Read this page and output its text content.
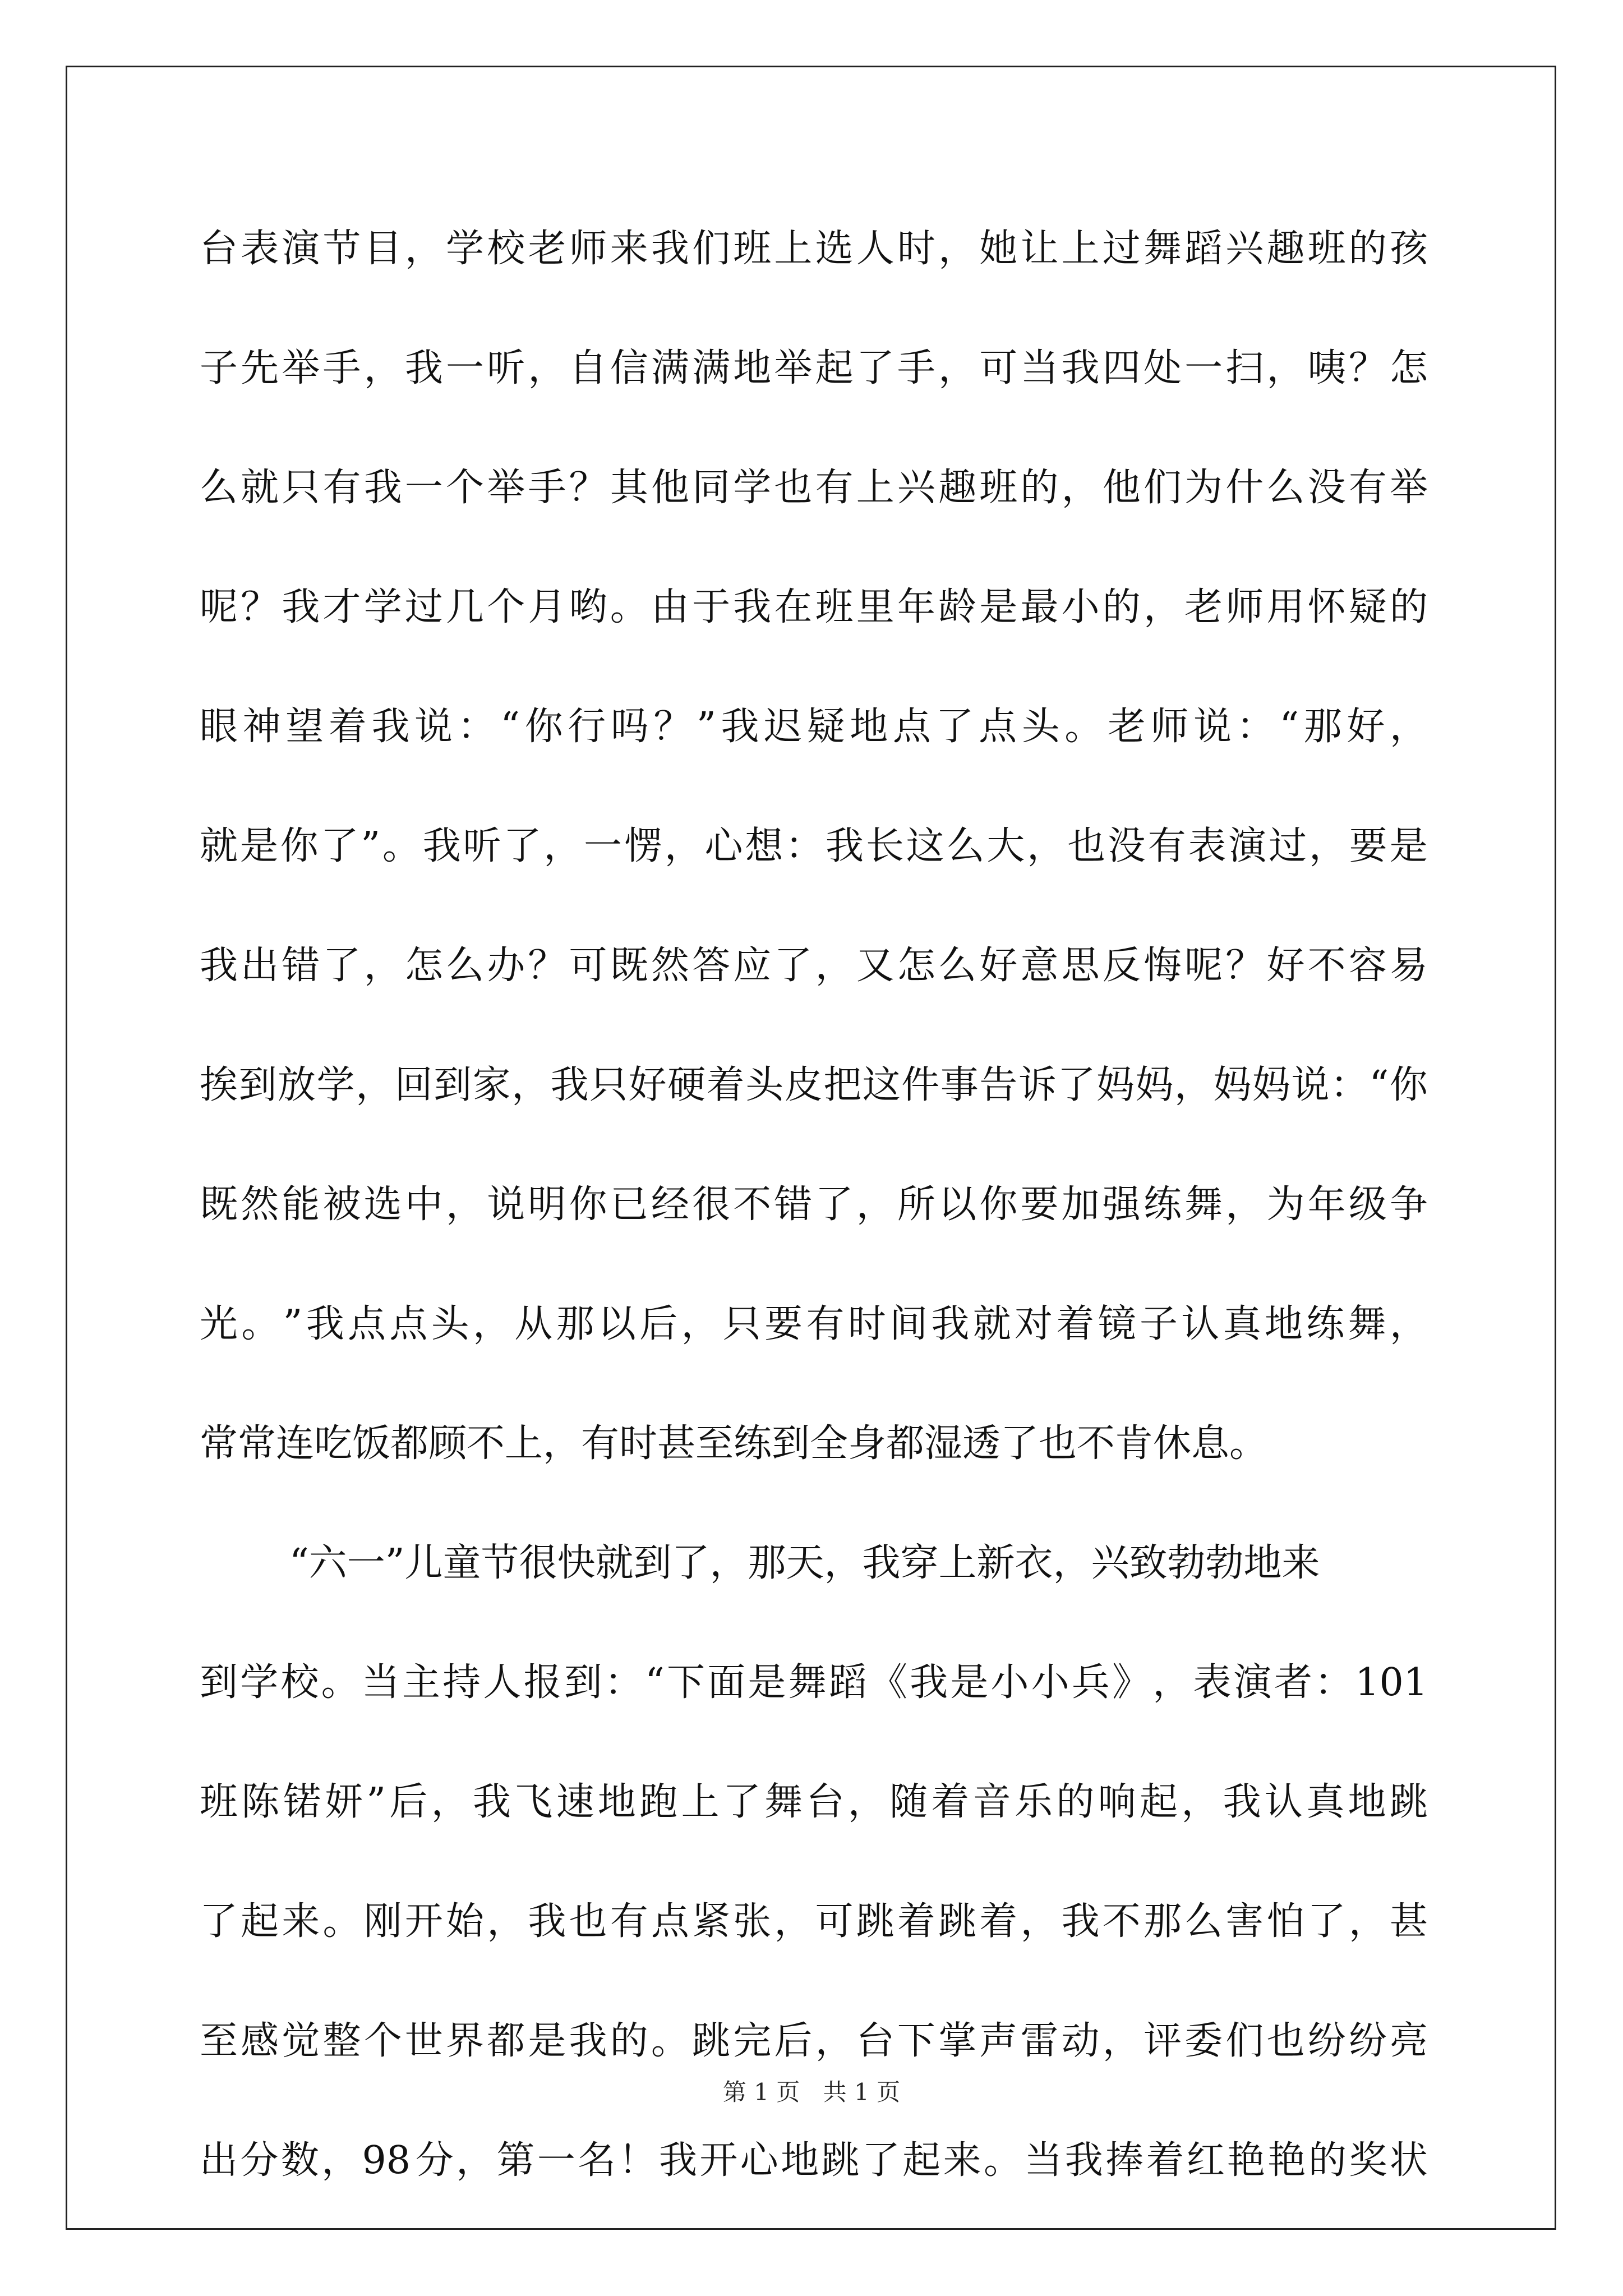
台 表 演 节 目 ， 学 校 老 师 来 我 们 班 上 选 人 时 ， 她 让 上 过 舞 蹈 兴 趣 班 的 孩
子 先 举 手 ， 我 一 听 ， 自 信 满 满 地 举 起 了 手 ， 可 当 我 四 处 一 扫 ， 咦 ？ 怎
么 就 只 有 我 一 个 举 手 ？ 其 他 同 学 也 有 上 兴 趣 班 的 ， 他 们 为 什 么 没 有 举
呢 ？ 我 才 学 过 几 个 月 哟 。 由 于 我 在 班 里 年 龄 是 最 小 的 ， 老 师 用 怀 疑 的
眼 神 望 着 我 说 ： “ 你 行 吗 ？ ” 我 迟 疑 地 点 了 点 头 。 老 师 说 ： “ 那 好 ，
就 是 你 了 ” 。 我 听 了 ， 一 愣 ， 心 想 ： 我 长 这 么 大 ， 也 没 有 表 演 过 ， 要 是
我 出 错 了 ， 怎 么 办 ？ 可 既 然 答 应 了 ， 又 怎 么 好 意 思 反 悔 呢 ？ 好 不 容 易
挨 到 放 学 ， 回 到 家 ， 我 只 好 硬 着 头 皮 把 这 件 事 告 诉 了 妈 妈 ， 妈 妈 说 ： “ 你
既 然 能 被 选 中 ， 说 明 你 已 经 很 不 错 了 ， 所 以 你 要 加 强 练 舞 ， 为 年 级 争
光 。 ” 我 点 点 头 ， 从 那 以 后 ， 只 要 有 时 间 我 就 对 着 镜 子 认 真 地 练 舞 ，
常常连吃饭都顾不上，有时甚至练到全身都湿透了也不肯休息。
“六一”儿童节很快就到了，那天，我穿上新衣，兴致勃勃地来
到 学 校 。 当 主 持 人 报 到 ： “ 下 面 是 舞 蹈 《 我 是 小 小 兵 》 ， 表 演 者 ： 101
班 陈 锘 妍 ” 后 ， 我 飞 速 地 跑 上 了 舞 台 ， 随 着 音 乐 的 响 起 ， 我 认 真 地 跳
了 起 来 。 刚 开 始 ， 我 也 有 点 紧 张 ， 可 跳 着 跳 着 ， 我 不 那 么 害 怕 了 ， 甚
至 感 觉 整 个 世 界 都 是 我 的 。 跳 完 后 ， 台 下 掌 声 雷 动 ， 评 委 们 也 纷 纷 亮
出 分 数 ， 98 分 ， 第 一 名 ！ 我 开 心 地 跳 了 起 来 。 当 我 捧 着 红 艳 艳 的 奖 状
第 1 页 共 1 页
